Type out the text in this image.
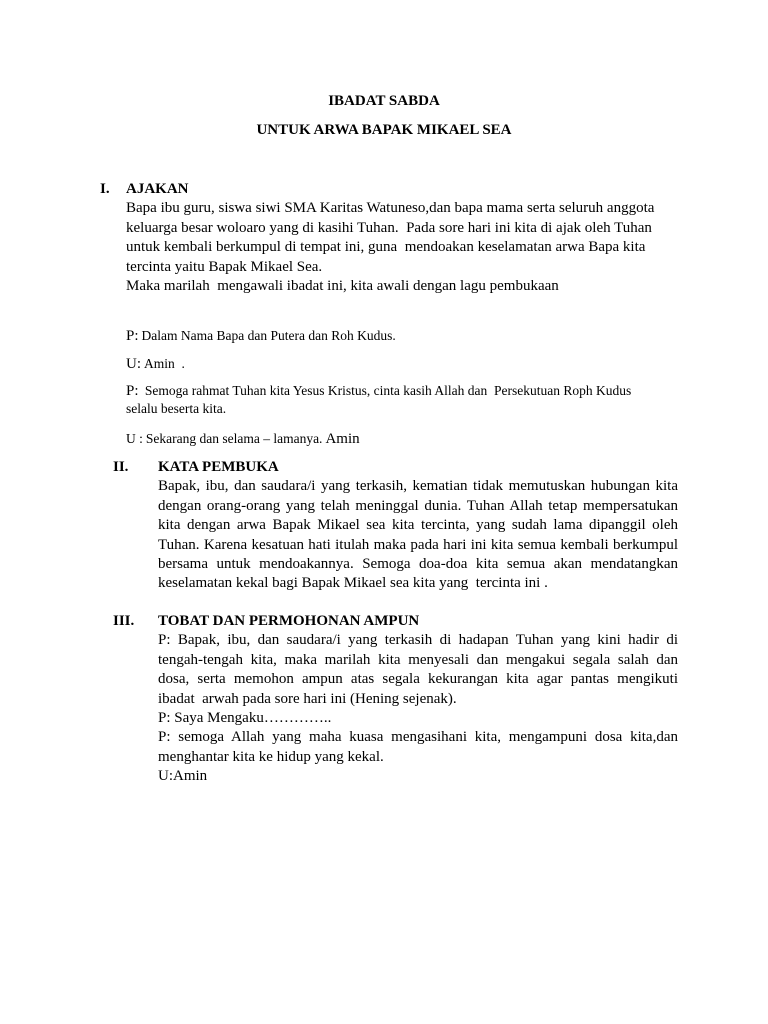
IBADAT SABDA
UNTUK ARWA BAPAK MIKAEL SEA
I. AJAKAN
Bapa ibu guru, siswa siwi SMA Karitas Watuneso,dan bapa mama serta seluruh anggota
keluarga besar woloaro yang di kasihi Tuhan.  Pada sore hari ini kita di ajak oleh Tuhan
untuk kembali berkumpul di tempat ini, guna  mendoakan keselamatan arwa Bapa kita
tercinta yaitu Bapak Mikael Sea.
Maka marilah  mengawali ibadat ini, kita awali dengan lagu pembukaan
P: Dalam Nama Bapa dan Putera dan Roh Kudus.
U: Amin  .
P: Semoga rahmat Tuhan kita Yesus Kristus, cinta kasih Allah dan  Persekutuan Roph Kudus
selalu beserta kita.
U : Sekarang dan selama – lamanya. Amin
II. KATA PEMBUKA
Bapak, ibu, dan saudara/i yang terkasih, kematian tidak memutuskan hubungan kita
dengan orang-orang yang telah meninggal dunia. Tuhan Allah tetap mempersatukan
kita dengan arwa Bapak Mikael sea kita tercinta, yang sudah lama dipanggil oleh
Tuhan. Karena kesatuan hati itulah maka pada hari ini kita semua kembali berkumpul
bersama untuk mendoakannya. Semoga doa-doa kita semua akan mendatangkan
keselamatan kekal bagi Bapak Mikael sea kita yang  tercinta ini .
III. TOBAT DAN PERMOHONAN AMPUN
P: Bapak, ibu, dan saudara/i yang terkasih di hadapan Tuhan yang kini hadir di
tengah-tengah kita, maka marilah kita menyesali dan mengakui segala salah dan
dosa, serta memohon ampun atas segala kekurangan kita agar pantas mengikuti
ibadat  arwah pada sore hari ini (Hening sejenak).
P: Saya Mengaku…………..
P: semoga Allah yang maha kuasa mengasihani kita, mengampuni dosa kita,dan
menghantar kita ke hidup yang kekal.
U:Amin
